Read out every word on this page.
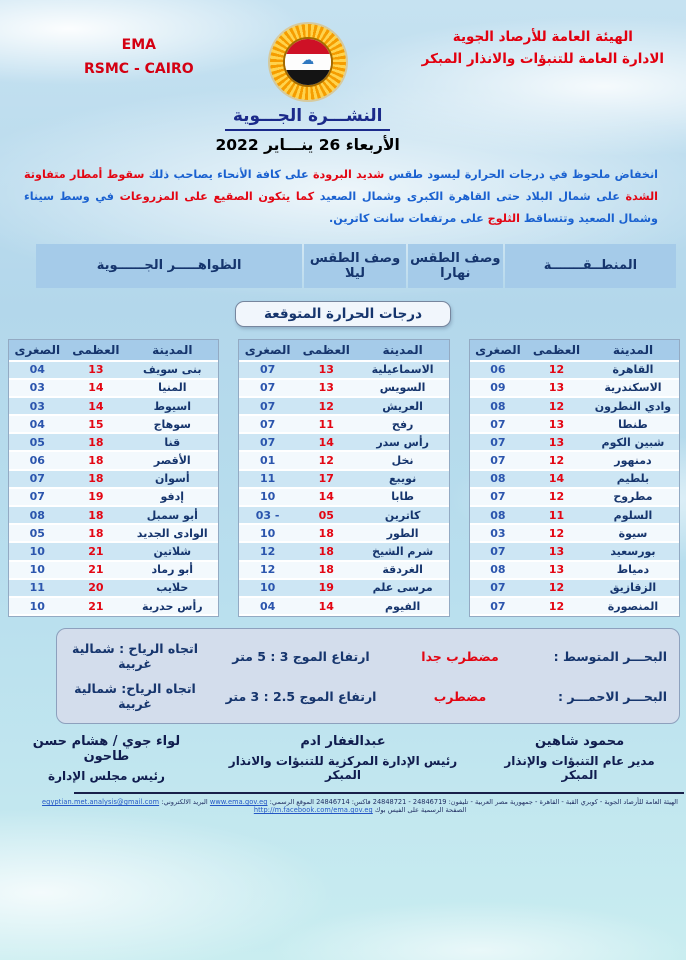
الهيئة العامة للأرصاد الجوية
الادارة العامة للتنبؤات والانذار المبكر
☁
النشـــرة الجـــوية
الأربعاء 26 ينـــاير 2022
EMA
RSMC - CAIRO
انخفاض ملحوظ في درجات الحرارة ليسود طقس شديد البرودة على كافة الأنحاء يصاحب ذلك سقوط أمطار متفاوتة الشدة على شمال البلاد حتى القاهرة الكبرى وشمال الصعيد كما يتكون الصقيع على المزروعات في وسط سيناء وشمال الصعيد وتتساقط الثلوج على مرتفعات سانت كاترين.
المنطــقـــــــة	وصف الطقس نهارا	وصف الطقس ليلا	الظواهـــــر الجــــــوية
درجات الحرارة المتوقعة
المدينة	العظمى	الصغرى
القاهرة	12	06
الاسكندرية	13	09
وادي النطرون	12	08
طنطا	13	07
شبين الكوم	13	07
دمنهور	12	07
بلطيم	14	08
مطروح	12	07
السلوم	11	08
سيوة	12	03
بورسعيد	13	07
دمياط	13	08
الزقازيق	12	07
المنصورة	12	07
المدينة	العظمى	الصغرى
الاسماعيلية	13	07
السويس	13	07
العريش	12	07
رفح	11	07
رأس سدر	14	07
نخل	12	01
نويبع	17	11
طابا	14	10
كاترين	05	- 03
الطور	18	10
شرم الشيخ	18	12
الغردقة	18	12
مرسى علم	19	10
الفيوم	14	04
المدينة	العظمى	الصغرى
بنى سويف	13	04
المنيا	14	03
اسيوط	14	03
سوهاج	15	04
قنا	18	05
الأقصر	18	06
أسوان	18	07
إدفو	19	07
أبو سمبل	18	08
الوادى الجديد	18	05
شلاتين	21	10
أبو رماد	21	10
حلايب	20	11
رأس حدربة	21	10
البحـــر المتوسط :
مضطرب جدا
ارتفاع الموج 3 : 5 متر
اتجاه الرياح : شمالية غربية
البحـــر الاحمـــر :
مضطرب
ارتفاع الموج 2.5 : 3 متر
اتجاه الرياح: شمالية غربية
محمود شاهين
مدير عام التنبؤات والإنذار المبكر
عبدالغفار ادم
رئيس الإدارة المركزية للتنبؤات والانذار المبكر
لواء جوي / هشام حسن طاحون
رئيس مجلس الإدارة
الهيئة العامة للأرصاد الجوية - كوبري القبة - القاهرة - جمهورية مصر العربية - تليفون: 24846719 - 24848721 فاكس: 24846714 الموقع الرسمي: www.ema.gov.eg البريد الالكتروني: egyptian.met.analysis@gmail.com الصفحة الرسمية على الفيس بوك http://m.facebook.com/ema.gov.eg
